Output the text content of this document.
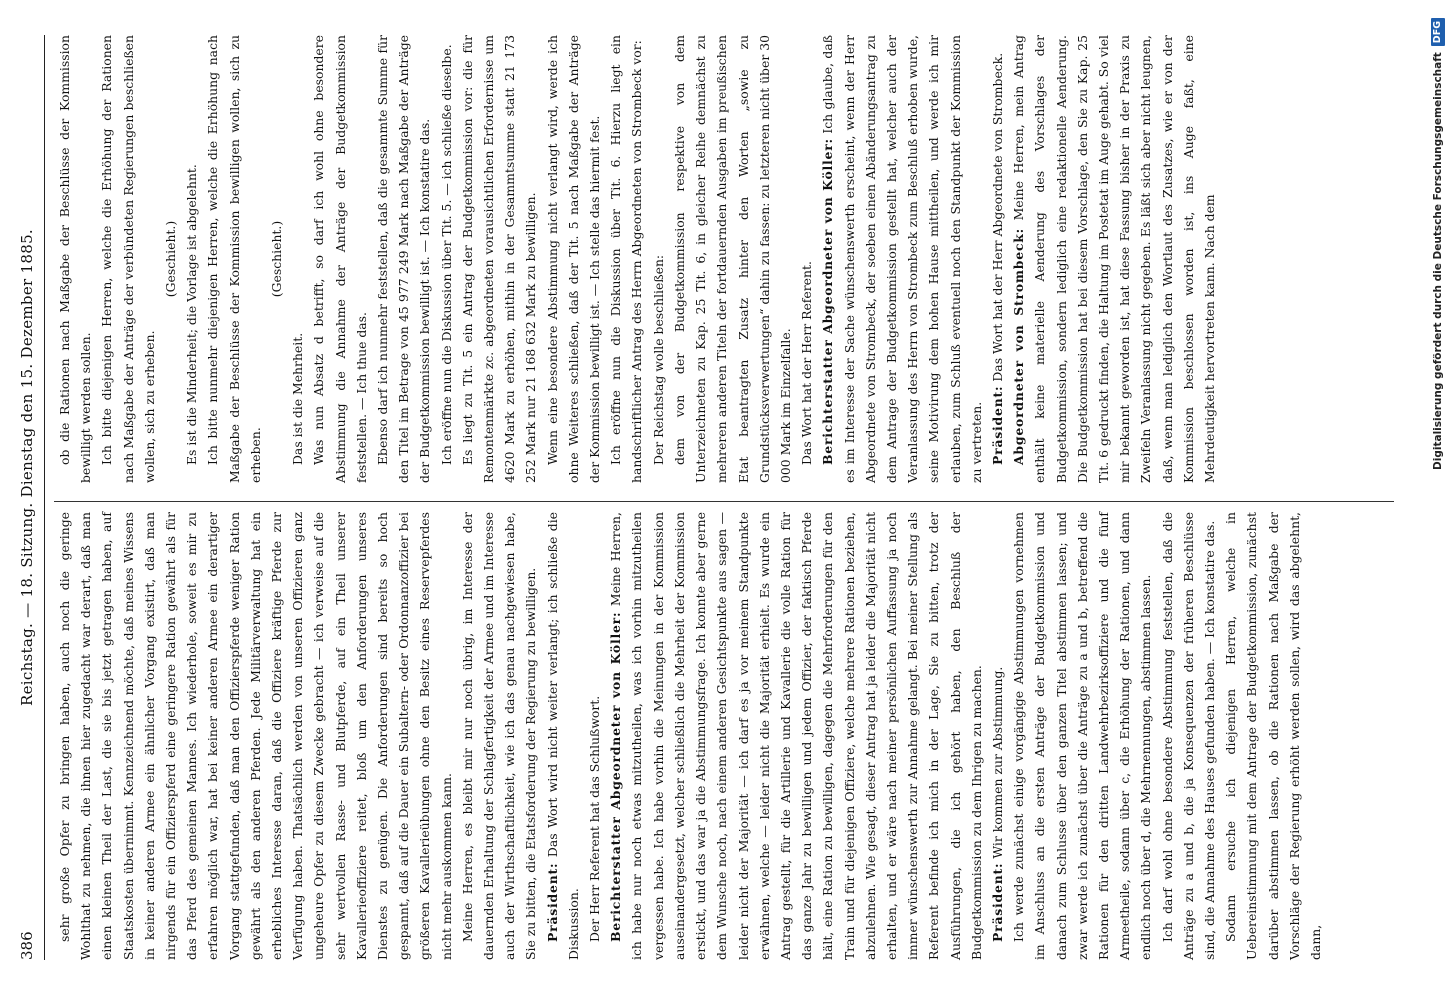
386
Reichstag. — 18. Sitzung. Dienstag den 15. Dezember 1885.

sehr große Opfer zu bringen haben, auch noch die geringe Wohlthat zu nehmen, die ihnen hier zugedacht war derart, daß man einen kleinen Theil der Last, die sie bis jetzt getragen haben, auf Staatskosten übernimmt. Kennzeichnend möchte, daß meines Wissens in keiner anderen Armee ein ähnlicher Vorgang existirt, daß man nirgends für ein Offizierspferd eine geringere Ration gewährt als für das Pferd des gemeinen Mannes. Ich wiederhole, soweit es mir zu erfahren möglich war, hat bei keiner anderen Armee ein derartiger Vorgang stattgefunden, daß man den Offizierspferde weniger Ration gewährt als den anderen Pferden. Jede Militärverwaltung hat ein erhebliches Interesse daran, daß die Offiziere kräftige Pferde zur Verfügung haben. Thatsächlich werden von unseren Offizieren ganz ungeheure Opfer zu diesem Zwecke gebracht — ich verweise auf die sehr wertvollen Rasse- und Blutpferde, auf ein Theil unserer Kavallerieoffiziere reitet, bloß um den Anforderungen unseres Dienstes zu genügen. Die Anforderungen sind bereits so hoch gespannt, daß auf die Dauer ein Subaltern- oder Ordonnanzoffizier bei größeren Kavallerieübungen ohne den Besitz eines Reservepferdes nicht mehr auskommen kann. Meine Herren, es bleibt mir nur noch übrig, im Interesse der dauernden Erhaltung der Schlagfertigkeit der Armee und im Interesse auch der Wirthschaftlichkeit, wie ich das genau nachgewiesen habe, Sie zu bitten, die Etatsforderung der Regierung zu bewilligen. Präsident: Das Wort wird nicht weiter verlangt; ich schließe die Diskussion. Der Herr Referent hat das Schlußwort. Berichterstatter Abgeordneter von Köller: Meine Herren, ich habe nur noch etwas mitzutheilen, was ich vorhin mitzutheilen vergessen habe. Ich habe vorhin die Meinungen in der Kommission auseinandergesetzt, welcher schließlich die Mehrheit der Kommission erstickt, und das war ja die Abstimmungsfrage. Ich konnte aber gerne dem Wunsche noch, nach einem anderen Gesichtspunkte aus sagen — leider nicht der Majorität — ich darf es ja vor meinem Standpunkte erwähnen, welche — leider nicht die Majorität erhielt. Es wurde ein Antrag gestellt, für die Artillerie und Kavallerie die volle Ration für das ganze Jahr zu bewilligen und jedem Offizier, der faktisch Pferde hält, eine Ration zu bewilligen, dagegen die Mehrforderungen für den Train und für diejenigen Offiziere, welche mehrere Rationen beziehen, abzulehnen. Wie gesagt, dieser Antrag hat ja leider die Majorität nicht erhalten, und er wäre nach meiner persönlichen Auffassung ja noch immer wünschenswerth zur Annahme gelangt. Bei meiner Stellung als Referent befinde ich mich in der Lage, Sie zu bitten, trotz der Ausführungen, die ich gehört haben, den Beschluß der Budgetkommission zu dem Ihrigen zu machen. Präsident: Wir kommen zur Abstimmung. Ich werde zunächst einige vorgängige Abstimmungen vornehmen im Anschluss an die ersten Anträge der Budgetkommission und danach zum Schlusse über den ganzen Titel abstimmen lassen; und zwar werde ich zunächst über die Anträge zu a und b, betreffend die Rationen für den dritten Landwehrbezirksoffiziere und die fünf Armeetheile, sodann über c, die Erhöhung der Rationen, und dann endlich noch über d, die Mehrnennungen, abstimmen lassen. Ich darf wohl ohne besondere Abstimmung feststellen, daß die Anträge zu a und b, die ja Konsequenzen der früheren Beschlüsse sind, die Annahme des Hauses gefunden haben. — Ich konstatire das. Sodann ersuche ich diejenigen Herren, welche in Uebereinstimmung mit dem Antrage der Budgetkommission, zunächst darüber abstimmen lassen, ob die Rationen nach Maßgabe der Vorschläge der Regierung erhöht werden sollen, wird das abgelehnt, dann,

ob die Rationen nach Maßgabe der Beschlüsse der Kommission bewilligt werden sollen. Ich bitte diejenigen Herren, welche die Erhöhung der Rationen nach Maßgabe der Anträge der verbündeten Regierungen beschließen wollen, sich zu erheben.

(Geschieht.) Es ist die Minderheit; die Vorlage ist abgelehnt. Ich bitte nunmehr diejenigen Herren, welche die Erhöhung nach Maßgabe der Beschlüsse der Kommission bewilligen wollen, sich zu erheben.

(Geschieht.)

Das ist die Mehrheit. Was nun Absatz d betrifft, so darf ich wohl ohne besondere Abstimmung die Annahme der Anträge der Budgetkommission feststellen. — Ich thue das. Ebenso darf ich nunmehr feststellen, daß die gesammte Summe für den Titel im Betrage von 45 977 249 Mark nach Maßgabe der Anträge der Budgetkommission bewilligt ist. — Ich konstatire das. Ich eröffne nun die Diskussion über Tit. 5. — ich schließe dieselbe. Es liegt zu Tit. 5 ein Antrag der Budgetkommission vor: die für Remontenmärkte zc. abgeordneten vorausichtlichen Erfordernisse um 4620 Mark zu erhöhen, mithin in der Gesammtsumme statt 21 173 252 Mark nur 21 168 632 Mark zu bewilligen. Wenn eine besondere Abstimmung nicht verlangt wird, werde ich ohne Weiteres schließen, daß der Tit. 5 nach Maßgabe der Anträge der Kommission bewilligt ist. — Ich stelle das hiermit fest. Ich eröffne nun die Diskussion über Tit. 6. Hierzu liegt ein handschriftlicher Antrag des Herrn Abgeordneten von Strombeck vor: Der Reichstag wolle beschließen: dem von der Budgetkommission respektive von dem Unterzeichneten zu Kap. 25 Tit. 6, in gleicher Reihe demnächst zu mehreren anderen Titeln der fortdauernden Ausgaben im preußischen Etat beantragten Zusatz hinter den Worten „sowie zu Grundstücksverwertungen“ dahin zu fassen: zu letzteren nicht über 30 000 Mark im Einzelfalle. Das Wort hat der Herr Referent. Berichterstatter Abgeordneter von Köller: Ich glaube, daß es im Interesse der Sache wünschenswerth erscheint, wenn der Herr Abgeordnete von Strombeck, der soeben einen Abänderungsantrag zu dem Antrage der Budgetkommission gestellt hat, welcher auch der Veranlassung des Herrn von Strombeck zum Beschluß erhoben wurde, seine Motivirung dem hohen Hause mittheilen, und werde ich mir erlauben, zum Schluß eventuell noch den Standpunkt der Kommission zu vertreten. Präsident: Das Wort hat der Herr Abgeordnete von Strombeck. Abgeordneter von Strombeck: Meine Herren, mein Antrag enthält keine materielle Aenderung des Vorschlages der Budgetkommission, sondern lediglich eine redaktionelle Aenderung. Die Budgetkommission hat bei diesem Vorschlage, den Sie zu Kap. 25 Tit. 6 gedruckt finden, die Haltung im Postetat im Auge gehabt. So viel mir bekannt geworden ist, hat diese Fassung bisher in der Praxis zu Zweifeln Veranlassung nicht gegeben. Es läßt sich aber nicht leugnen, daß, wenn man lediglich den Wortlaut des Zusatzes, wie er von der Kommission beschlossen worden ist, ins Auge faßt, eine Mehrdeutigkeit hervortreten kann. Nach dem	Digitalisierung gefördert durch die Deutsche Forschungsgemeinschaft
DFG
